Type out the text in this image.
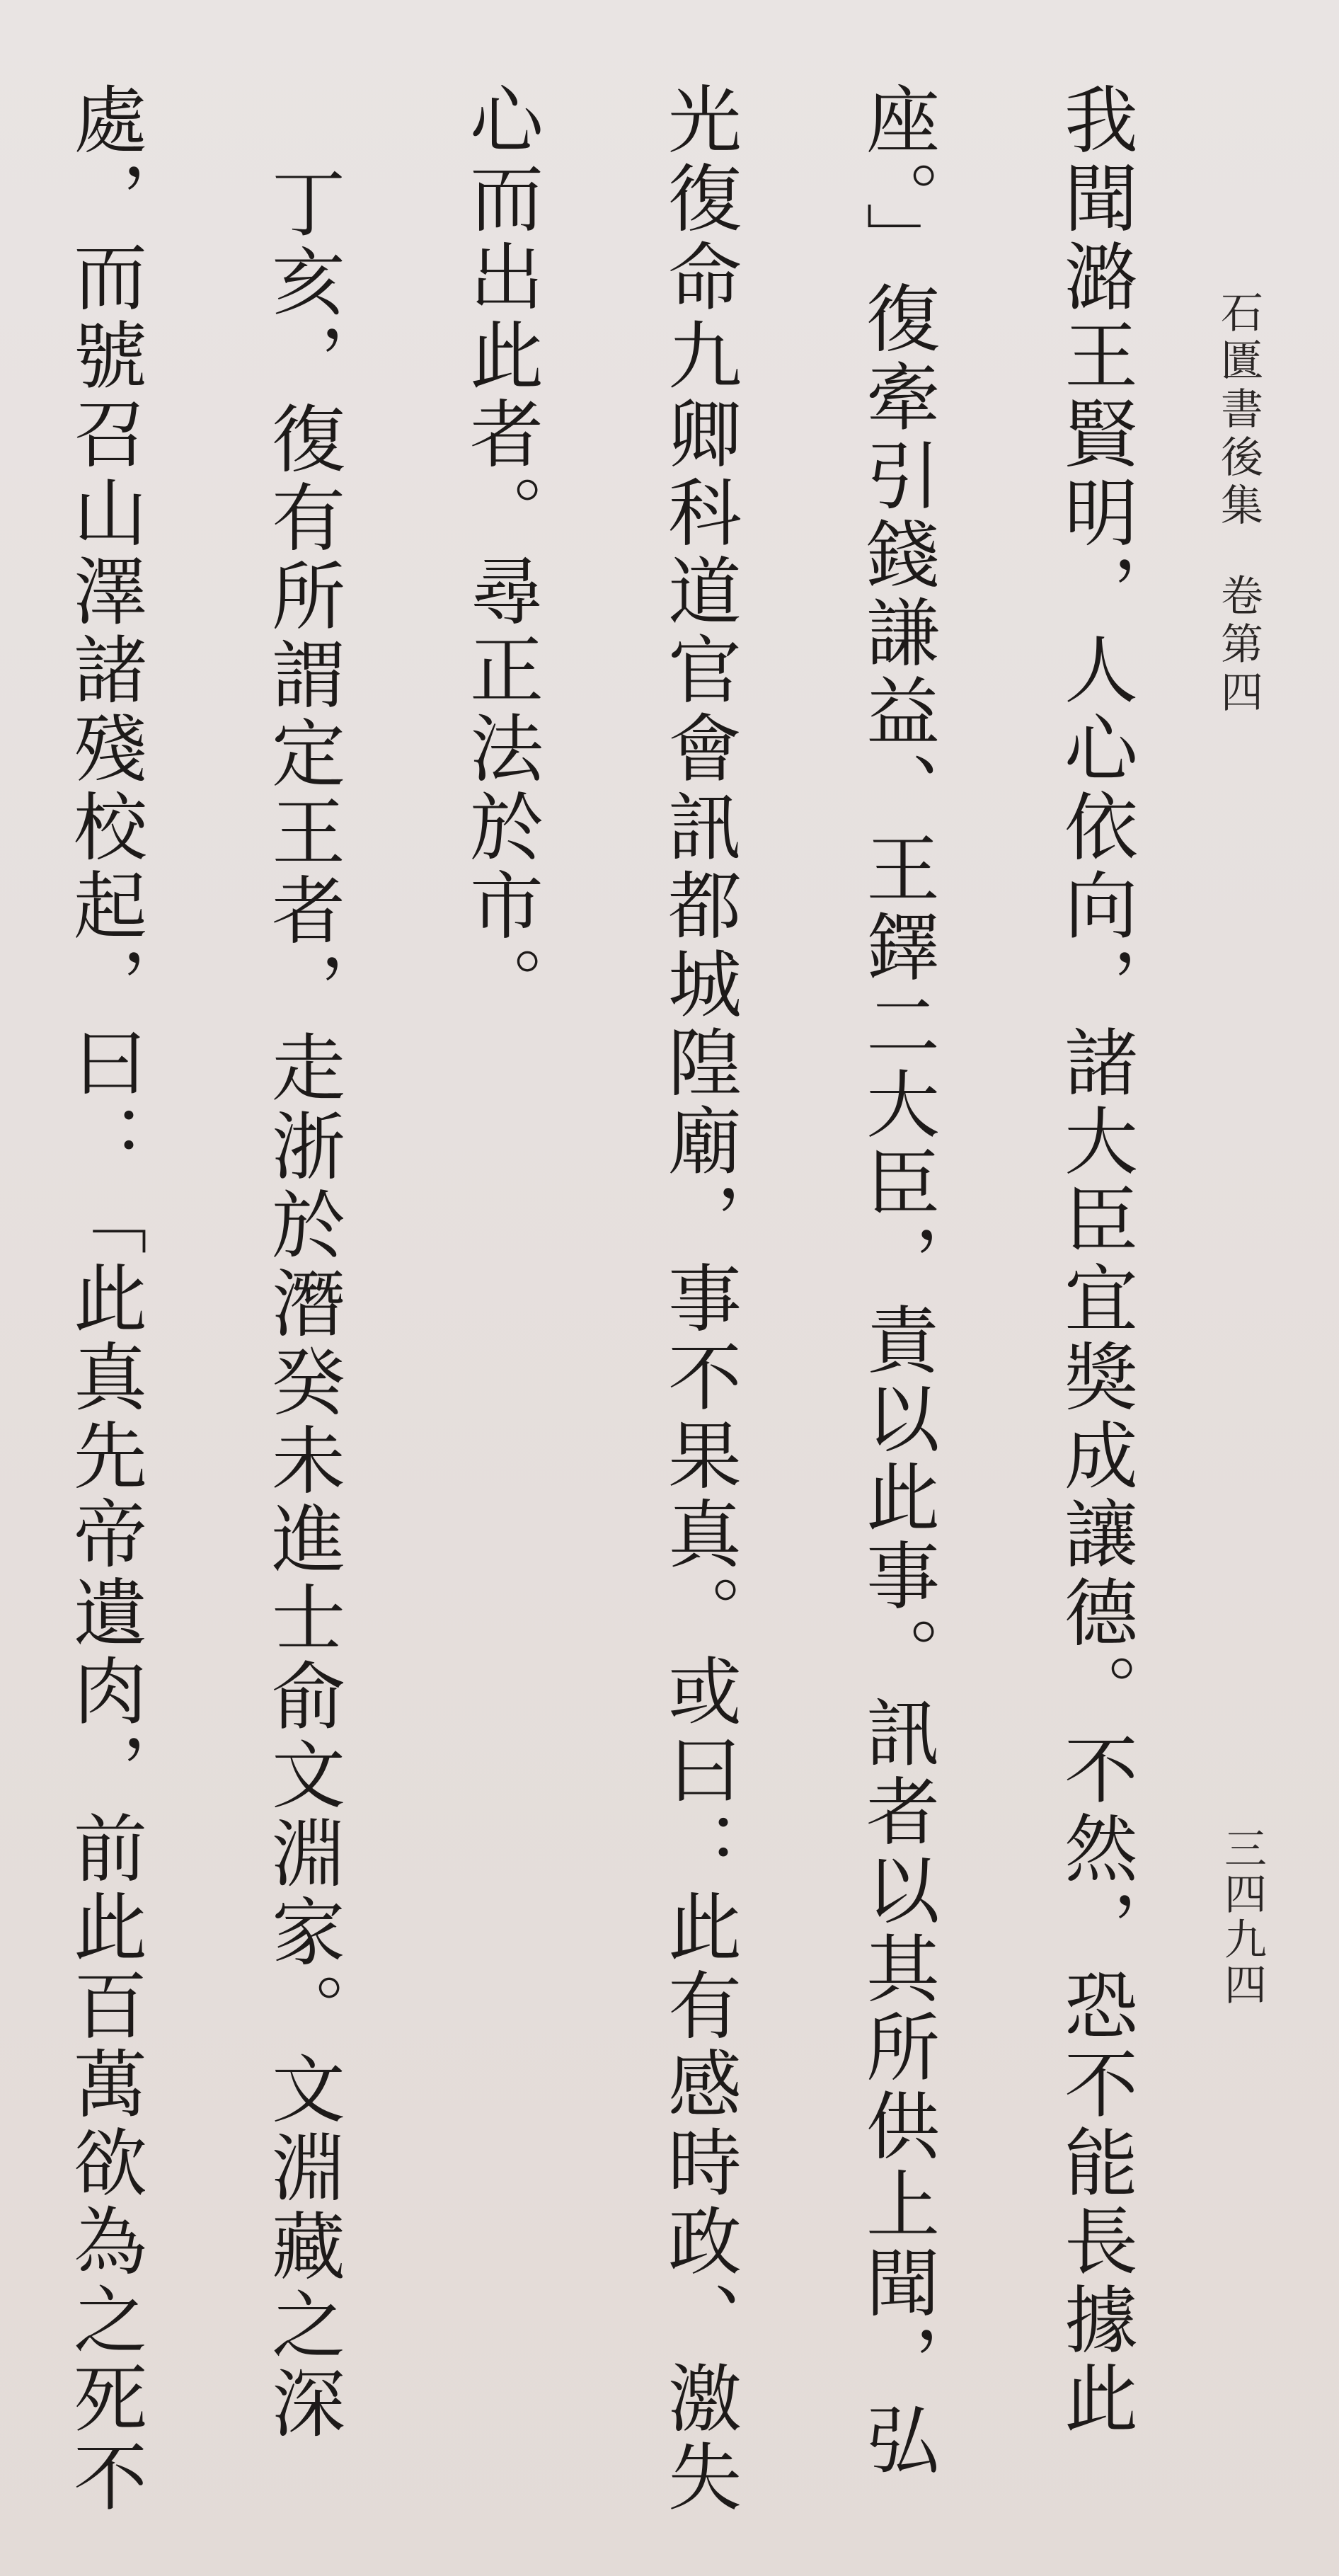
石匱書後集卷第四
三四九四

我聞潞王賢明，人心依向，諸大臣宜獎成讓德。不然，恐不能長據此座。」復牽引錢謙益、王鐸二大臣，責以此事。訊者以其所供上聞，弘光復命九卿科道官會訊都城隍廟，事不果真。或曰：此有感時政、激失心而出此者。尋正法於市。

丁亥，復有所謂定王者，走浙於潛癸未進士俞文淵家。文淵藏之深處，而號召山澤諸殘校起，曰：「此真先帝遺肉，前此百萬欲為之死不
